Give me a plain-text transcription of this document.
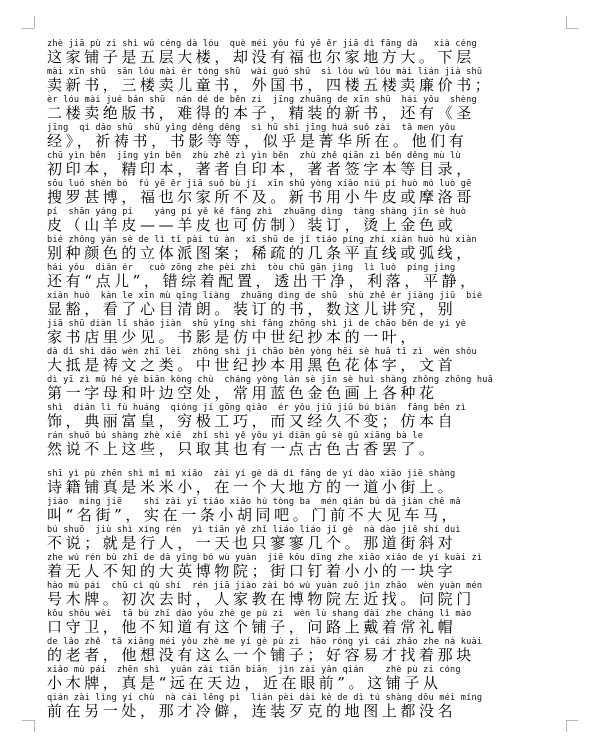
zhè jiā pù zi shì wǔ céng dà lóu  què méi yǒu fú yē ěr jiā dì fāng dà   xià céng
这家铺子是五层大楼，却没有福也尔家地方大。下层
mài xīn shū  sān lóu mài ér tóng shū  wài guó shū  sì lóu wǔ lóu mài lián jià shū
卖新书，三楼卖儿童书，外国书，四楼五楼卖廉价书；
èr lóu mài jué bǎn shū  nán dé de běn zi  jīng zhuāng de xīn shū  hái yǒu  shèng
二楼卖绝版书，难得的本子，精装的新书，还有《圣
jīng  qí dǎo shū  shū yǐng děng děng  sì hū shì jīng huá suǒ zài  tā men yǒu
经》，祈祷书，书影等等，似乎是菁华所在。他们有
chū yìn běn  jīng yìn běn  zhù zhě zì yìn běn  zhù zhě qiān zì běn děng mù lù
初印本，精印本，著者自印本，著者签字本等目录，
sōu luó shèn bó  fú yē ěr jiā suǒ bù jí  xīn shū yòng xiǎo niú pí huò mó luò gē
搜罗甚博，福也尔家所不及。新书用小牛皮或摩洛哥
pí  shān yáng pí    yáng pí yě kě fǎng zhì  zhuāng dìng  tàng shàng jīn sè huò
皮（山羊皮——羊皮也可仿制）装订，烫上金色或
bié zhǒng yán sè de lì tǐ pài tú àn  xī shū de jǐ tiáo píng zhí xiàn huò hú xiàn
别种颜色的立体派图案；稀疏的几条平直线或弧线，
hái yǒu  diǎn ér   cuò zōng zhe pèi zhì  tòu chū gān jìng  lì luò  píng jìng
还有“点儿”，错综着配置，透出干净，利落，平静，
xiǎn huò  kàn le xīn mù qīng liàng  zhuāng dìng de shū  shù zhě ér jiǎng jiū  bié
显豁，看了心目清朗。装订的书，数这儿讲究，别
jiā shū diàn lǐ shǎo jiàn  shū yǐng shì fǎng zhōng shì jì de chāo běn de yí yè
家书店里少见。书影是仿中世纪抄本的一叶，
dà dǐ shì dǎo wén zhī lèi  zhōng shì jì chāo běn yòng hēi sè huā tǐ zì  wén shǒu
大抵是祷文之类。中世纪抄本用黑色花体字，文首
dì yī zì mǔ hé yè biān kòng chù  cháng yòng lán sè jīn sè huì shàng zhǒng zhǒng huā
第一字母和叶边空处，常用蓝色金色画上各种花
shì  diǎn lì fù huáng  qióng jí gōng qiǎo  ér yǒu jiǔ jiǔ bú biàn  fǎng běn zì
饰，典丽富皇，穷极工巧，而又经久不变；仿本自
rán shuō bú shàng zhè xiē  zhǐ shì yě yǒu yì diǎn gǔ sè gǔ xiāng bà le
然说不上这些，只取其也有一点古色古香罢了。
shī yì pù zhēn shì mǐ mǐ xiǎo  zài yí gè dà dì fāng de yí dào xiǎo jiē shàng
诗籍铺真是米米小，在一个大地方的一道小街上。
jiào  míng jiē    shí zài yī tiáo xiǎo hú tòng ba  mén qián bú dà jiàn chē mǎ
叫“名街”，实在一条小胡同吧。门前不大见车马，
bú shuō  jiù shì xíng rén  yì tiān yě zhǐ liáo liáo jǐ gè  nà dào jiē shí duì
不说；就是行人，一天也只寥寥几个。那道街斜对
zhe wú rén bù zhī de dà yīng bó wù yuàn  jiē kǒu dīng zhe xiǎo xiǎo de yí kuài zì
着无人不知的大英博物院；街口钉着小小的一块字
hào mù pái  chū cì qù shí  rén jiā jiào zài bó wù yuàn zuǒ jìn zhǎo  wèn yuàn mén
号木牌。初次去时，人家教在博物院左近找。问院门
kǒu shǒu wèi  tā bù zhī dào yǒu zhè ge pù zi  wèn lù shang dài zhe cháng lǐ mào
口守卫，他不知道有这个铺子，问路上戴着常礼帽
de lǎo zhě  tā xiǎng méi yǒu zhè me yí gè pù zi  hǎo róng yì cái zhǎo zhe nà kuài
的老者，他想没有这么一个铺子；好容易才找着那块
xiǎo mù pái  zhēn shì  yuǎn zài tiān biān  jìn zài yǎn qián    zhè pù zi cóng
小木牌，真是“远在天边，近在眼前”。这铺子从
qián zài lìng yí chù  nà cái lěng pì  lián pèi dài kè de dì tú shàng dōu méi míng
前在另一处，那才冷僻，连装歹克的地图上都没名
